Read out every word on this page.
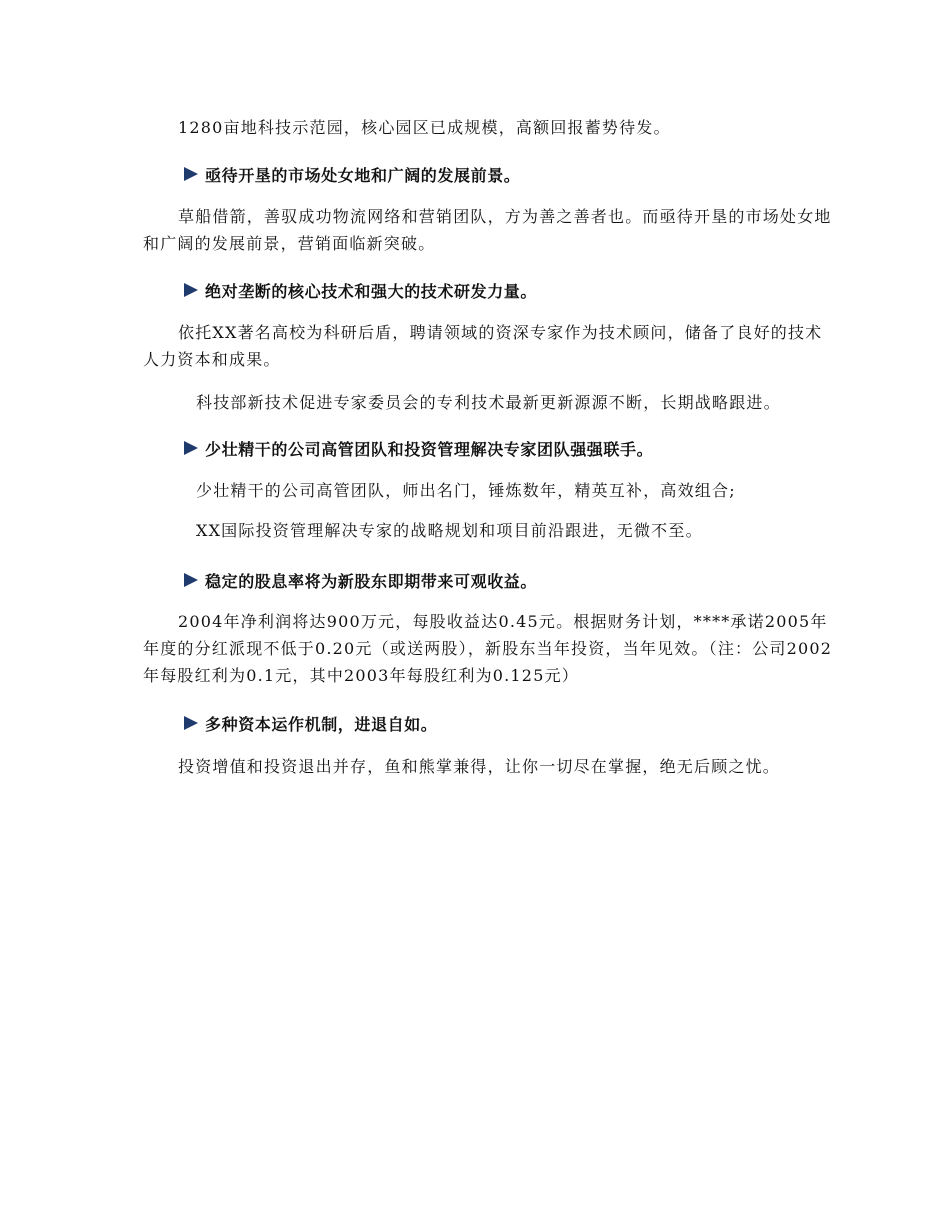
1280亩地科技示范园，核心园区已成规模，高额回报蓄势待发。
亟待开垦的市场处女地和广阔的发展前景。
草船借箭，善驭成功物流网络和营销团队，方为善之善者也。而亟待开垦的市场处女地和广阔的发展前景，营销面临新突破。
绝对垄断的核心技术和强大的技术研发力量。
依托XX著名高校为科研后盾，聘请领域的资深专家作为技术顾问，储备了良好的技术人力资本和成果。
科技部新技术促进专家委员会的专利技术最新更新源源不断，长期战略跟进。
少壮精干的公司高管团队和投资管理解决专家团队强强联手。
少壮精干的公司高管团队，师出名门，锤炼数年，精英互补，高效组合;
XX国际投资管理解决专家的战略规划和项目前沿跟进，无微不至。
稳定的股息率将为新股东即期带来可观收益。
2004年净利润将达900万元，每股收益达0.45元。根据财务计划，****承诺2005年年度的分红派现不低于0.20元（或送两股），新股东当年投资，当年见效。（注：公司2002年每股红利为0.1元，其中2003年每股红利为0.125元）
多种资本运作机制，进退自如。
投资增值和投资退出并存，鱼和熊掌兼得，让你一切尽在掌握，绝无后顾之忧。
